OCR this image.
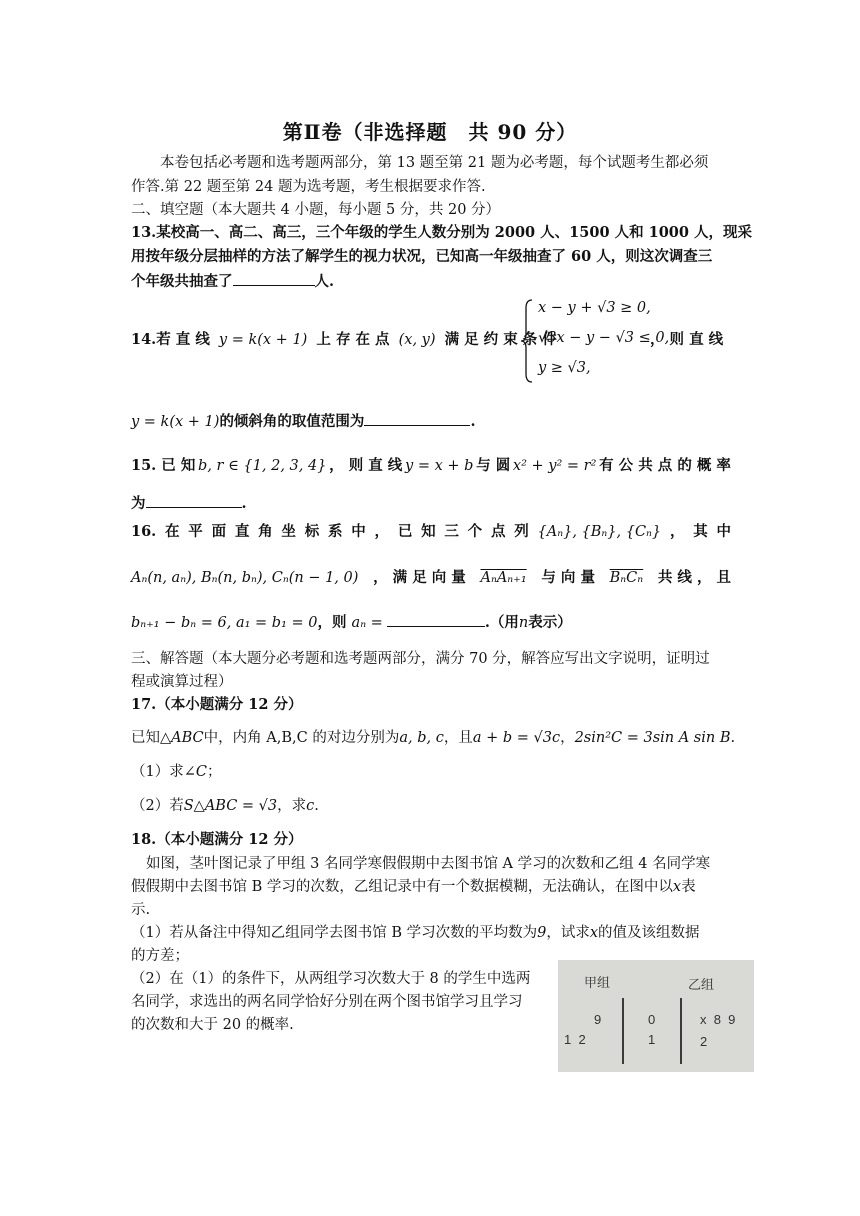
第Ⅱ卷（非选择题　共 90 分）
本卷包括必考题和选考题两部分，第 13 题至第 21 题为必考题，每个试题考生都必须
作答.第 22 题至第 24 题为选考题，考生根据要求作答.
二、填空题（本大题共 4 小题，每小题 5 分，共 20 分）
13.某校高一、高二、高三，三个年级的学生人数分别为 2000 人、1500 人和 1000 人，现采
用按年级分层抽样的方法了解学生的视力状况，已知高一年级抽查了 60 人，则这次调查三
个年级共抽查了	人.
14.若 直 线 y = k(x + 1) 上 存 在 点 (x, y) 满 足 约 束 条 件
x − y + √3 ≥ 0,
√3x − y − √3 ≤ 0,
y ≥ √3,
， 则 直 线
y = k(x + 1)的倾斜角的取值范围为	.
15. 已 知 b, r ∈ {1, 2, 3, 4} ， 则 直 线 y = x + b 与 圆 x² + y² = r² 有 公 共 点 的 概 率
为	.
16. 在 平 面 直 角 坐 标 系 中 ， 已 知 三 个 点 列 {Aₙ}, {Bₙ}, {Cₙ} ， 其 中
Aₙ(n, aₙ), Bₙ(n, bₙ), Cₙ(n − 1, 0) ， 满 足 向 量 AₙAₙ₊₁ 与 向 量 BₙCₙ 共 线 ， 且
bₙ₊₁ − bₙ = 6, a₁ = b₁ = 0，则 aₙ =	.（用n表示）
三、解答题（本大题分必考题和选考题两部分，满分 70 分，解答应写出文字说明，证明过
程或演算过程）
17.（本小题满分 12 分）
已知△ABC中，内角 A,B,C 的对边分别为a, b, c，且a + b = √3c，2sin²C = 3sin A sin B.
（1）求∠C；
（2）若S△ABC = √3，求c.
18.（本小题满分 12 分）
如图，茎叶图记录了甲组 3 名同学寒假假期中去图书馆 A 学习的次数和乙组 4 名同学寒
假假期中去图书馆 B 学习的次数，乙组记录中有一个数据模糊，无法确认，在图中以x表
示.
（1）若从备注中得知乙组同学去图书馆 B 学习次数的平均数为9，试求x的值及该组数据
的方差；
（2）在（1）的条件下，从两组学习次数大于 8 的学生中选两
名同学，求选出的两名同学恰好分别在两个图书馆学习且学习
的次数和大于 20 的概率.
甲组	乙组
9	0	x  8  9
1  2	1	2
